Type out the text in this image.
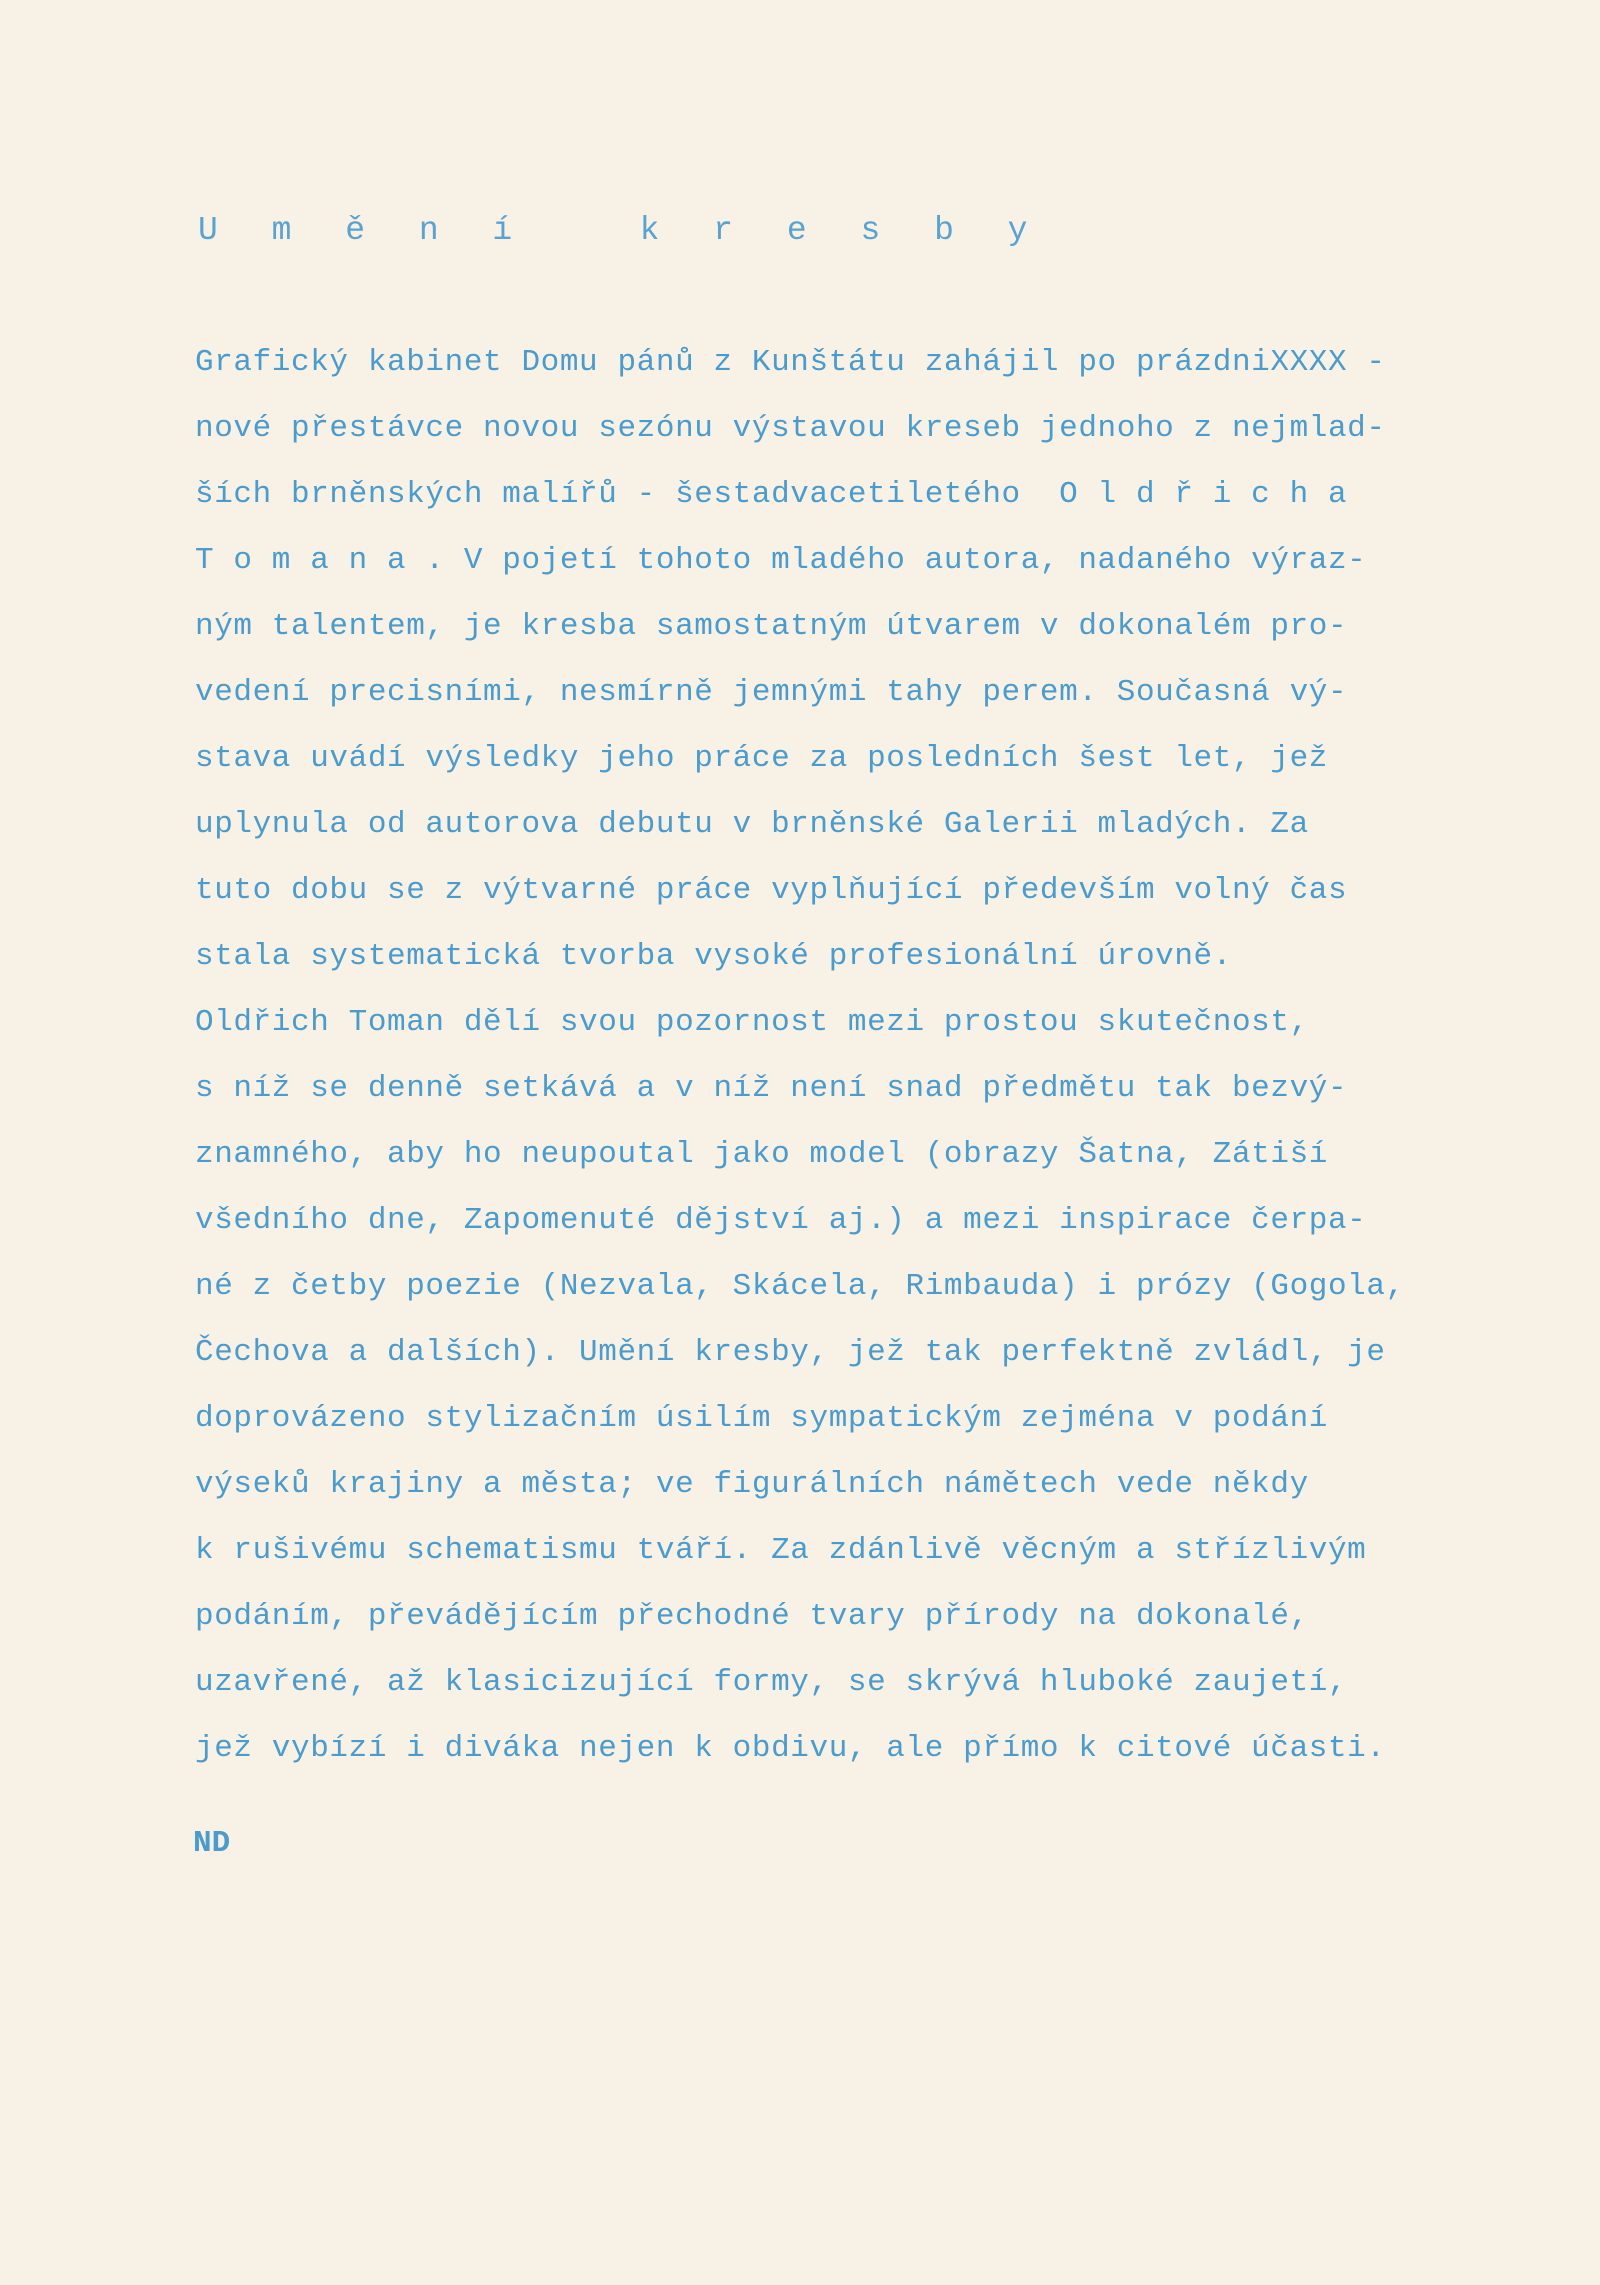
U m ě n í   k r e s b y
Grafický kabinet Domu pánů z Kunštátu zahájil po prázdniXXXX -
nové přestávce novou sezónu výstavou kreseb jednoho z nejmlad-
ších brněnských malířů - šestadvacetiletého  O l d ř i c h a
T o m a n a . V pojetí tohoto mladého autora, nadaného výraz-
ným talentem, je kresba samostatným útvarem v dokonalém pro-
vedení precisními, nesmírně jemnými tahy perem. Současná vý-
stava uvádí výsledky jeho práce za posledních šest let, jež
uplynula od autorova debutu v brněnské Galerii mladých. Za
tuto dobu se z výtvarné práce vyplňující především volný čas
stala systematická tvorba vysoké profesionální úrovně.
Oldřich Toman dělí svou pozornost mezi prostou skutečnost,
s níž se denně setkává a v níž není snad předmětu tak bezvý-
znamného, aby ho neupoutal jako model (obrazy Šatna, Zátiší
všedního dne, Zapomenuté dějství aj.) a mezi inspirace čerpa-
né z četby poezie (Nezvala, Skácela, Rimbauda) i prózy (Gogola,
Čechova a dalších). Umění kresby, jež tak perfektně zvládl, je
doprovázeno stylizačním úsilím sympatickým zejména v podání
výseků krajiny a města; ve figurálních námětech vede někdy
k rušivému schematismu tváří. Za zdánlivě věcným a střízlivým
podáním, převádějícím přechodné tvary přírody na dokonalé,
uzavřené, až klasicizující formy, se skrývá hluboké zaujetí,
jež vybízí i diváka nejen k obdivu, ale přímo k citové účasti.
ND
